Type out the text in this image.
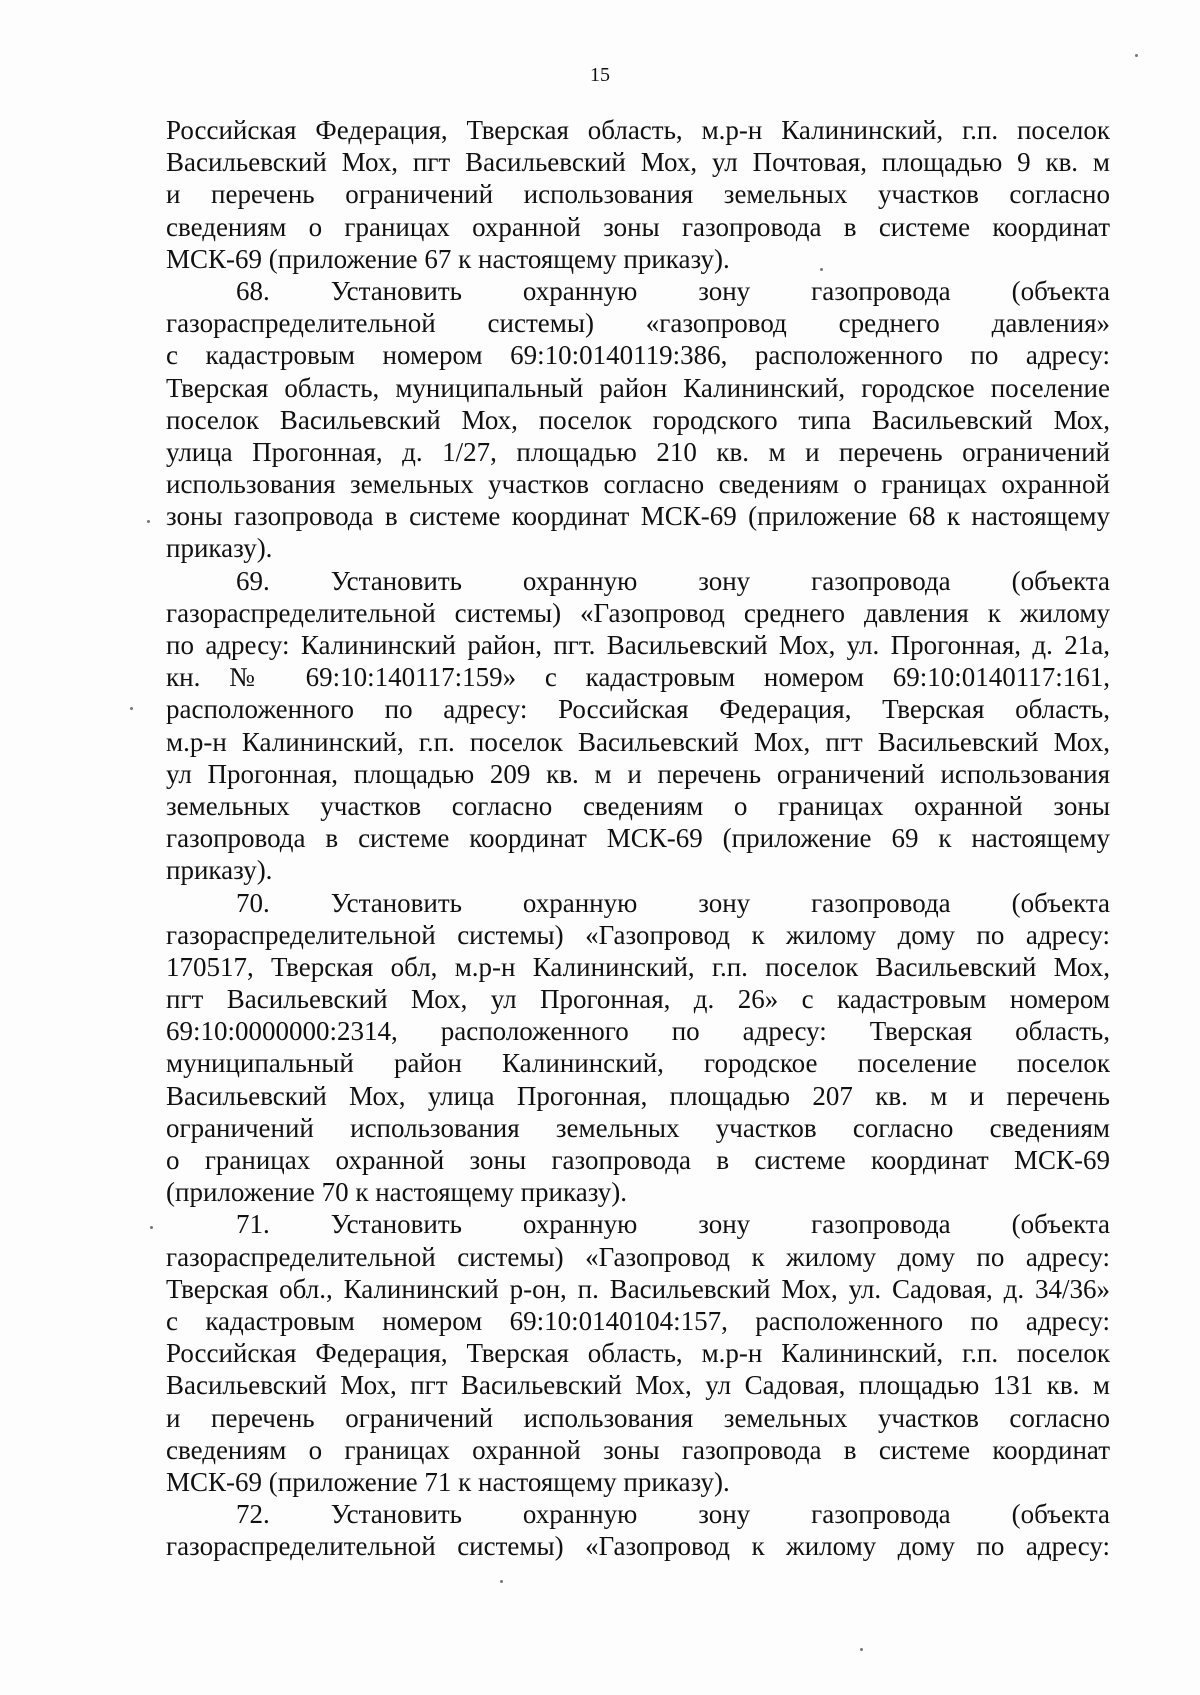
15
Российская Федерация, Тверская область, м.р-н Калининский, г.п. поселок
Васильевский Мох, пгт Васильевский Мох, ул Почтовая, площадью 9 кв. м
и перечень ограничений использования земельных участков согласно
сведениям о границах охранной зоны газопровода в системе координат
МСК-69 (приложение 67 к настоящему приказу).
68. Установить охранную зону газопровода (объекта
газораспределительной системы) «газопровод среднего давления»
с кадастровым номером 69:10:0140119:386, расположенного по адресу:
Тверская область, муниципальный район Калининский, городское поселение
поселок Васильевский Мох, поселок городского типа Васильевский Мох,
улица Прогонная, д. 1/27, площадью 210 кв. м и перечень ограничений
использования земельных участков согласно сведениям о границах охранной
зоны газопровода в системе координат МСК-69 (приложение 68 к настоящему
приказу).
69. Установить охранную зону газопровода (объекта
газораспределительной системы) «Газопровод среднего давления к жилому
по адресу: Калининский район, пгт. Васильевский Мох, ул. Прогонная, д. 21а,
кн. № 69:10:140117:159» с кадастровым номером 69:10:0140117:161,
расположенного по адресу: Российская Федерация, Тверская область,
м.р-н Калининский, г.п. поселок Васильевский Мох, пгт Васильевский Мох,
ул Прогонная, площадью 209 кв. м и перечень ограничений использования
земельных участков согласно сведениям о границах охранной зоны
газопровода в системе координат МСК-69 (приложение 69 к настоящему
приказу).
70. Установить охранную зону газопровода (объекта
газораспределительной системы) «Газопровод к жилому дому по адресу:
170517, Тверская обл, м.р-н Калининский, г.п. поселок Васильевский Мох,
пгт Васильевский Мох, ул Прогонная, д. 26» с кадастровым номером
69:10:0000000:2314, расположенного по адресу: Тверская область,
муниципальный район Калининский, городское поселение поселок
Васильевский Мох, улица Прогонная, площадью 207 кв. м и перечень
ограничений использования земельных участков согласно сведениям
о границах охранной зоны газопровода в системе координат МСК-69
(приложение 70 к настоящему приказу).
71. Установить охранную зону газопровода (объекта
газораспределительной системы) «Газопровод к жилому дому по адресу:
Тверская обл., Калининский р-он, п. Васильевский Мох, ул. Садовая, д. 34/36»
с кадастровым номером 69:10:0140104:157, расположенного по адресу:
Российская Федерация, Тверская область, м.р-н Калининский, г.п. поселок
Васильевский Мох, пгт Васильевский Мох, ул Садовая, площадью 131 кв. м
и перечень ограничений использования земельных участков согласно
сведениям о границах охранной зоны газопровода в системе координат
МСК-69 (приложение 71 к настоящему приказу).
72. Установить охранную зону газопровода (объекта
газораспределительной системы) «Газопровод к жилому дому по адресу:
